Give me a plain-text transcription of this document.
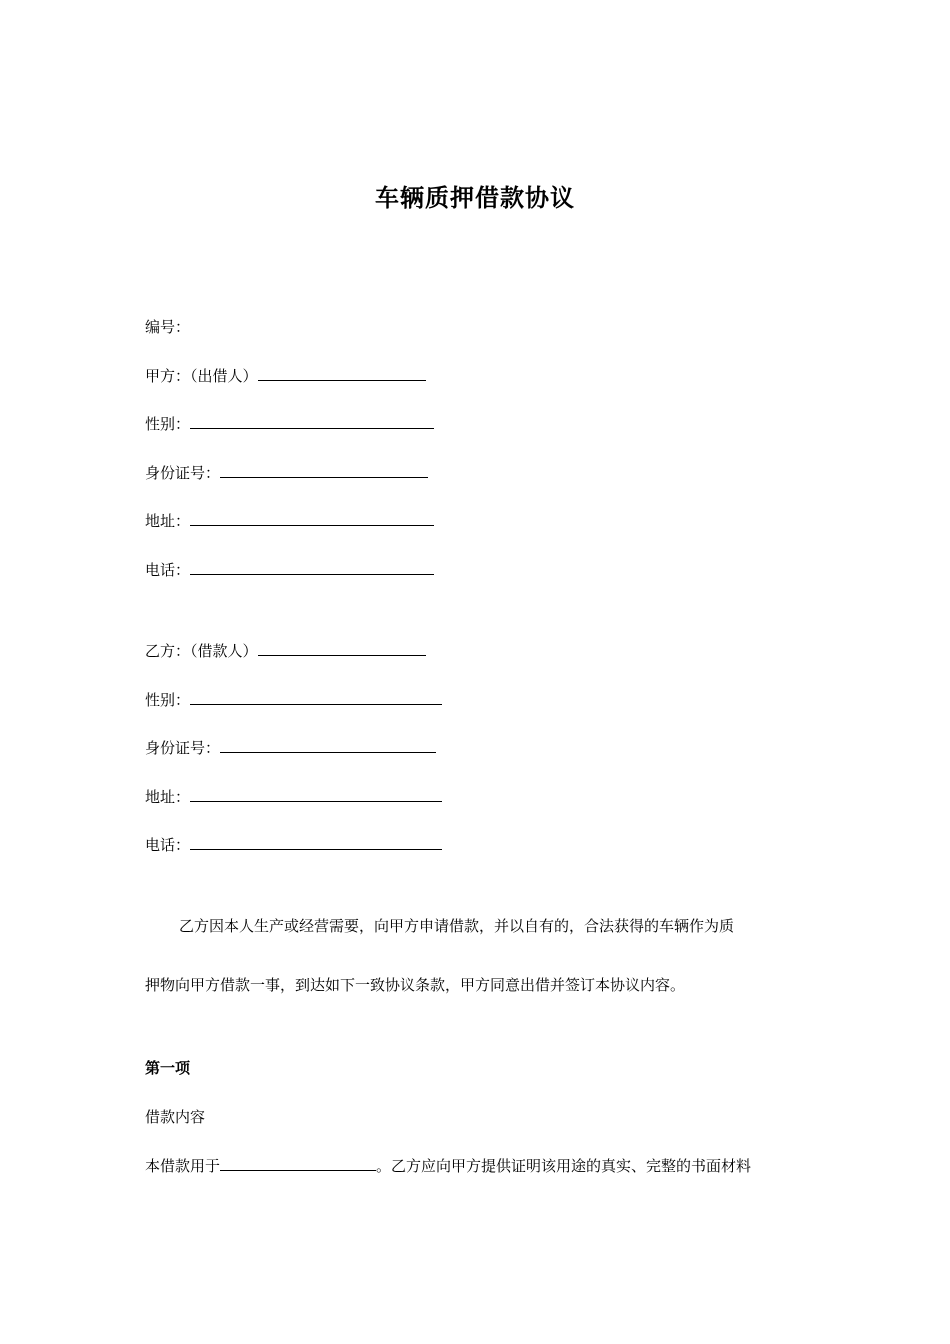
车辆质押借款协议
编号：
甲方：（出借人）
性别：
身份证号：
地址：
电话：
乙方：（借款人）
性别：
身份证号：
地址：
电话：
乙方因本人生产或经营需要，向甲方申请借款，并以自有的，合法获得的车辆作为质
押物向甲方借款一事，到达如下一致协议条款，甲方同意出借并签订本协议内容。
第一项
借款内容
本借款用于	。乙方应向甲方提供证明该用途的真实、完整的书面材料
